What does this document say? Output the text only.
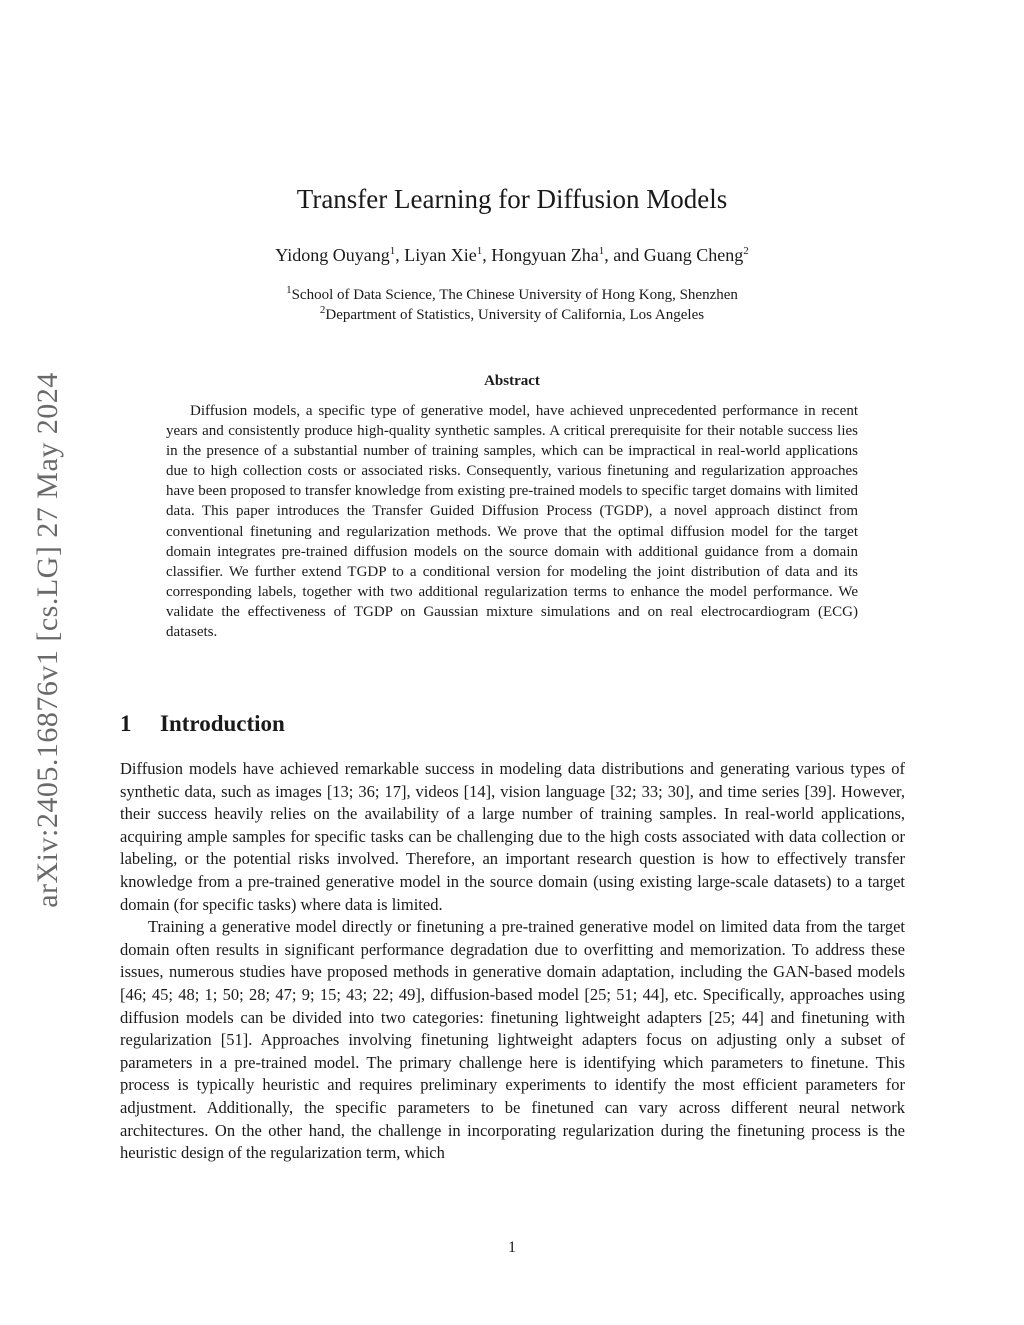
arXiv:2405.16876v1 [cs.LG] 27 May 2024
Transfer Learning for Diffusion Models
Yidong Ouyang$^1$, Liyan Xie$^1$, Hongyuan Zha$^1$, and Guang Cheng$^2$
$^1$School of Data Science, The Chinese University of Hong Kong, Shenzhen
$^2$Department of Statistics, University of California, Los Angeles
Abstract

Diffusion models, a specific type of generative model, have achieved unprecedented performance in recent years and consistently produce high-quality synthetic samples. A critical prerequisite for their notable success lies in the presence of a substantial number of training samples, which can be impractical in real-world applications due to high collection costs or associated risks. Consequently, various finetuning and regularization approaches have been proposed to transfer knowledge from existing pre-trained models to specific target domains with limited data. This paper introduces the Transfer Guided Diffusion Process (TGDP), a novel approach distinct from conventional finetuning and regularization methods. We prove that the optimal diffusion model for the target domain integrates pre-trained diffusion models on the source domain with additional guidance from a domain classifier. We further extend TGDP to a conditional version for modeling the joint distribution of data and its corresponding labels, together with two additional regularization terms to enhance the model performance. We validate the effectiveness of TGDP on Gaussian mixture simulations and on real electrocardiogram (ECG) datasets.

1 Introduction

Diffusion models have achieved remarkable success in modeling data distributions and generating various types of synthetic data, such as images [13; 36; 17], videos [14], vision language [32; 33; 30], and time series [39]. However, their success heavily relies on the availability of a large number of training samples. In real-world applications, acquiring ample samples for specific tasks can be challenging due to the high costs associated with data collection or labeling, or the potential risks involved. Therefore, an important research question is how to effectively transfer knowledge from a pre-trained generative model in the source domain (using existing large-scale datasets) to a target domain (for specific tasks) where data is limited.

Training a generative model directly or finetuning a pre-trained generative model on limited data from the target domain often results in significant performance degradation due to overfitting and memorization. To address these issues, numerous studies have proposed methods in generative domain adaptation, including the GAN-based models [46; 45; 48; 1; 50; 28; 47; 9; 15; 43; 22; 49], diffusion-based model [25; 51; 44], etc. Specifically, approaches using diffusion models can be divided into two categories: finetuning lightweight adapters [25; 44] and finetuning with regularization [51]. Approaches involving finetuning lightweight adapters focus on adjusting only a subset of parameters in a pre-trained model. The primary challenge here is identifying which parameters to finetune. This process is typically heuristic and requires preliminary experiments to identify the most efficient parameters for adjustment. Additionally, the specific parameters to be finetuned can vary across different neural network architectures. On the other hand, the challenge in incorporating regularization during the finetuning process is the heuristic design of the regularization term, which

1
